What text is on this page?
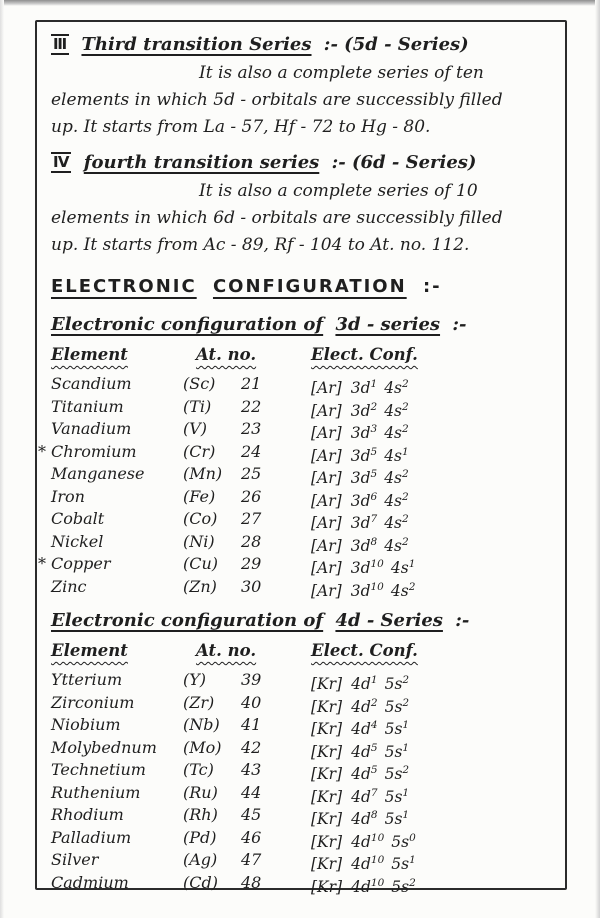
Ⅲ Third transition Series :- (5d - Series)
It is also a complete series of ten
elements in which 5d - orbitals are successibly filled
up. It starts from La - 57, Hf - 72 to Hg - 80.
Ⅳ fourth transition series :- (6d - Series)
It is also a complete series of 10
elements in which 6d - orbitals are successibly filled
up. It starts from Ac - 89, Rf - 104 to At. no. 112.
ELECTRONIC CONFIGURATION :-
Electronic configuration of 3d - series :-
Element	At. no.	Elect. Conf.
Scandium	(Sc)	21	[Ar] $3d^1$ $4s^2$
Titanium	(Ti)	22	[Ar] $3d^2$ $4s^2$
Vanadium	(V)	23	[Ar] $3d^3$ $4s^2$
* Chromium	(Cr)	24	[Ar] $3d^5$ $4s^1$
Manganese	(Mn)	25	[Ar] $3d^5$ $4s^2$
Iron	(Fe)	26	[Ar] $3d^6$ $4s^2$
Cobalt	(Co)	27	[Ar] $3d^7$ $4s^2$
Nickel	(Ni)	28	[Ar] $3d^8$ $4s^2$
* Copper	(Cu)	29	[Ar] $3d^{10}$ $4s^1$
Zinc	(Zn)	30	[Ar] $3d^{10}$ $4s^2$
Electronic configuration of 4d - Series :-
Element	At. no.	Elect. Conf.
Ytterium	(Y)	39	[Kr] $4d^1$ $5s^2$
Zirconium	(Zr)	40	[Kr] $4d^2$ $5s^2$
Niobium	(Nb)	41	[Kr] $4d^4$ $5s^1$
Molybednum	(Mo)	42	[Kr] $4d^5$ $5s^1$
Technetium	(Tc)	43	[Kr] $4d^5$ $5s^2$
Ruthenium	(Ru)	44	[Kr] $4d^7$ $5s^1$
Rhodium	(Rh)	45	[Kr] $4d^8$ $5s^1$
Palladium	(Pd)	46	[Kr] $4d^{10}$ $5s^0$
Silver	(Ag)	47	[Kr] $4d^{10}$ $5s^1$
Cadmium	(Cd)	48	[Kr] $4d^{10}$ $5s^2$
